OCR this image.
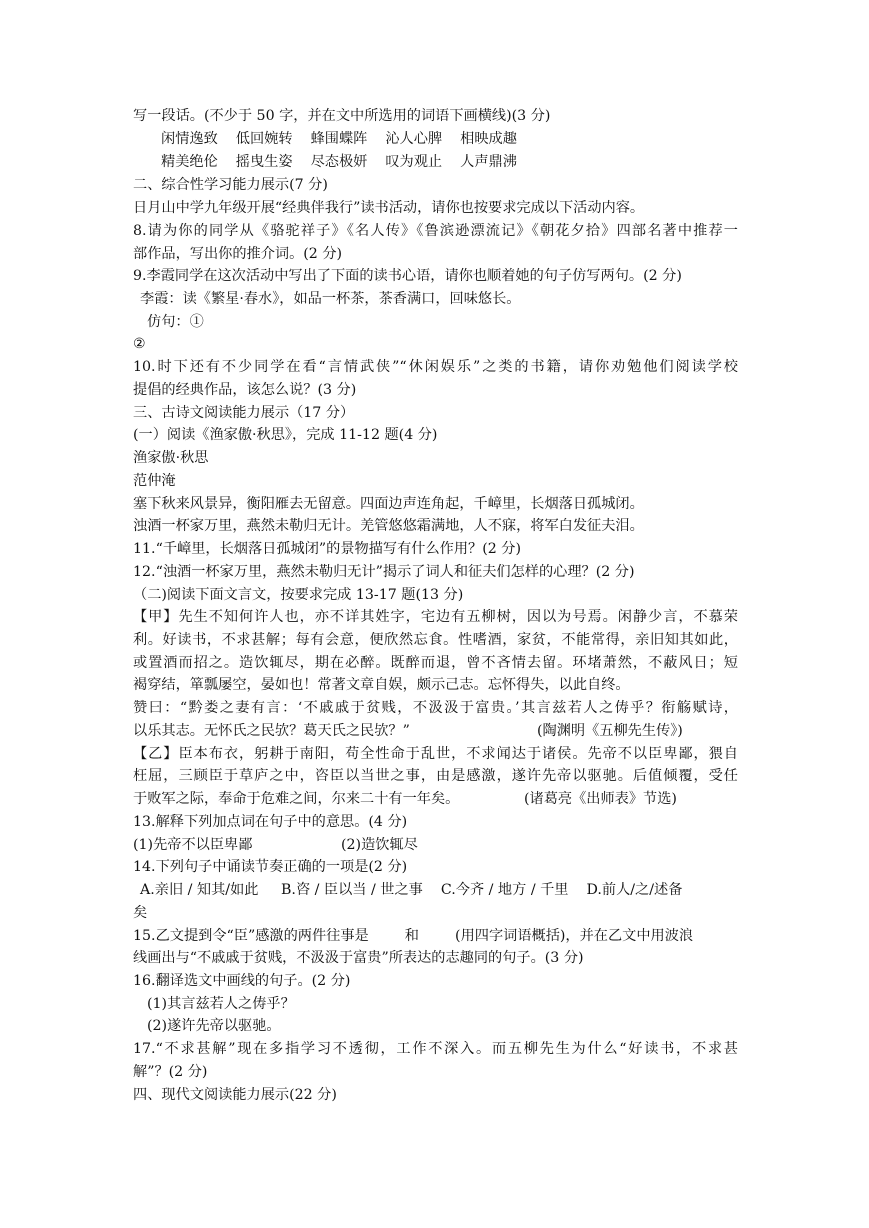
写一段话。(不少于 50 字，并在文中所选用的词语下画横线)(3 分)
闲情逸致    低回婉转    蜂围蝶阵    沁人心脾    相映成趣
精美绝伦    摇曳生姿    尽态极妍    叹为观止    人声鼎沸
二、综合性学习能力展示(7 分)
日月山中学九年级开展“经典伴我行”读书活动，请你也按要求完成以下活动内容。
8.请为你的同学从《骆驼祥子》《名人传》《鲁滨逊漂流记》《朝花夕拾》四部名著中推荐一
部作品，写出你的推介词。(2 分)
9.李霞同学在这次活动中写出了下面的读书心语，请你也顺着她的句子仿写两句。(2 分)
李霞：读《繁星·春水》，如品一杯茶，茶香满口，回味悠长。
仿句：①
②
10.时下还有不少同学在看“言情武侠”“休闲娱乐”之类的书籍，请你劝勉他们阅读学校
提倡的经典作品，该怎么说？(3 分)
三、古诗文阅读能力展示（17 分）
(一）阅读《渔家傲·秋思》，完成 11-12 题(4 分)
渔家傲·秋思
范仲淹
塞下秋来风景异，衡阳雁去无留意。四面边声连角起，千嶂里，长烟落日孤城闭。
浊酒一杯家万里，燕然未勒归无计。羌管悠悠霜满地，人不寐，将军白发征夫泪。
11.“千嶂里，长烟落日孤城闭”的景物描写有什么作用？(2 分)
12.“浊酒一杯家万里，燕然未勒归无计”揭示了词人和征夫们怎样的心理？(2 分)
（二)阅读下面文言文，按要求完成 13-17 题(13 分)
【甲】先生不知何许人也，亦不详其姓字，宅边有五柳树，因以为号焉。闲静少言，不慕荣
利。好读书，不求甚解；每有会意，便欣然忘食。性嗜酒，家贫，不能常得，亲旧知其如此，
或置酒而招之。造饮辄尽，期在必醉。既醉而退，曾不吝情去留。环堵萧然，不蔽风日；短
褐穿结，箪瓢屡空，晏如也！常著文章自娱，颇示己志。忘怀得失，以此自终。
赞曰：“黔娄之妻有言：‘不戚戚于贫贱，不汲汲于富贵。’其言兹若人之俦乎？衔觞赋诗，
以乐其志。无怀氏之民欤？葛天氏之民欤？”	(陶渊明《五柳先生传》)
【乙】臣本布衣，躬耕于南阳，苟全性命于乱世，不求闻达于诸侯。先帝不以臣卑鄙，猥自
枉屈，三顾臣于草庐之中，咨臣以当世之事，由是感激，遂许先帝以驱驰。后值倾覆，受任
于败军之际，奉命于危难之间，尔来二十有一年矣。	(诸葛亮《出师表》节选)
13.解释下列加点词在句子中的意思。(4 分)
(1)先帝不以臣卑鄙	(2)造饮辄尽
14.下列句子中诵读节奏正确的一项是(2 分)
A.亲旧 / 知其/如此     B.咨 / 臣以当 / 世之事    C.今齐 / 地方 / 千里    D.前人/之/述备
矣
15.乙文提到令“臣”感激的两件往事是        和        (用四字词语概括)，并在乙文中用波浪
线画出与“不戚戚于贫贱，不汲汲于富贵”所表达的志趣同的句子。(3 分)
16.翻译选文中画线的句子。(2 分)
(1)其言兹若人之俦乎？
(2)遂许先帝以驱驰。
17.“不求甚解”现在多指学习不透彻，工作不深入。而五柳先生为什么“好读书，不求甚
解”？(2 分)
四、现代文阅读能力展示(22 分)
